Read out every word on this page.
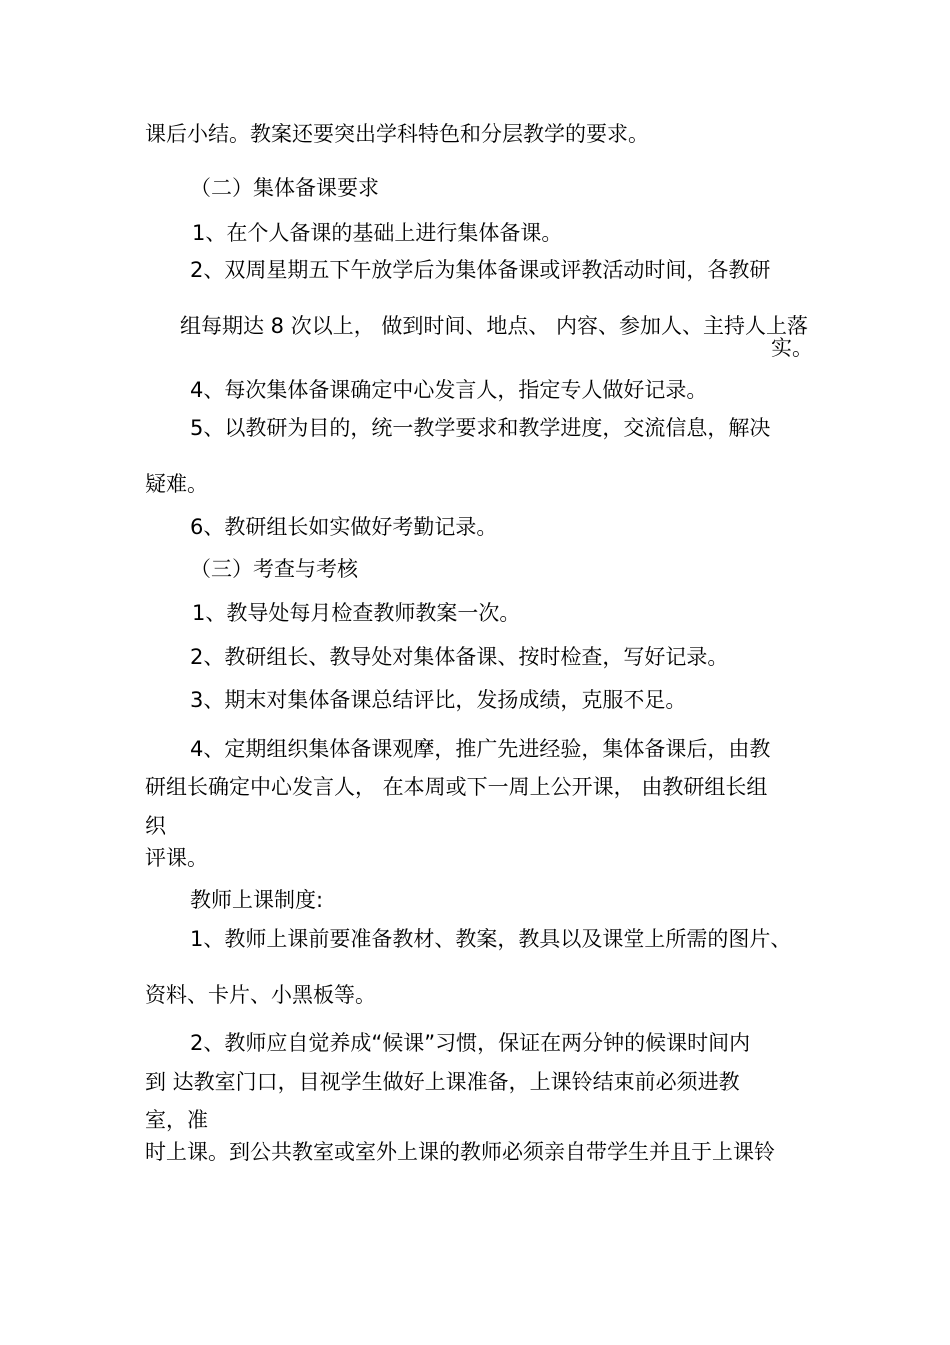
课后小结。教案还要突出学科特色和分层教学的要求。

（二）集体备课要求

1、在个人备课的基础上进行集体备课。

2、双周星期五下午放学后为集体备课或评教活动时间，各教研

组每期达 8 次以上， 做到时间、地点、 内容、参加人、主持人上落

实。

4、每次集体备课确定中心发言人，指定专人做好记录。

5、以教研为目的，统一教学要求和教学进度，交流信息，解决

疑难。

6、教研组长如实做好考勤记录。

（三）考查与考核

1、教导处每月检查教师教案一次。

2、教研组长、教导处对集体备课、按时检查，写好记录。

3、期末对集体备课总结评比，发扬成绩，克服不足。

4、定期组织集体备课观摩，推广先进经验，集体备课后，由教

研组长确定中心发言人， 在本周或下一周上公开课， 由教研组长组

织

评课。

教师上课制度:

1、教师上课前要准备教材、教案，教具以及课堂上所需的图片、

资料、卡片、小黑板等。

2、教师应自觉养成“候课”习惯，保证在两分钟的候课时间内

到 达教室门口，目视学生做好上课准备，上课铃结束前必须进教

室，准

时上课。到公共教室或室外上课的教师必须亲自带学生并且于上课铃
